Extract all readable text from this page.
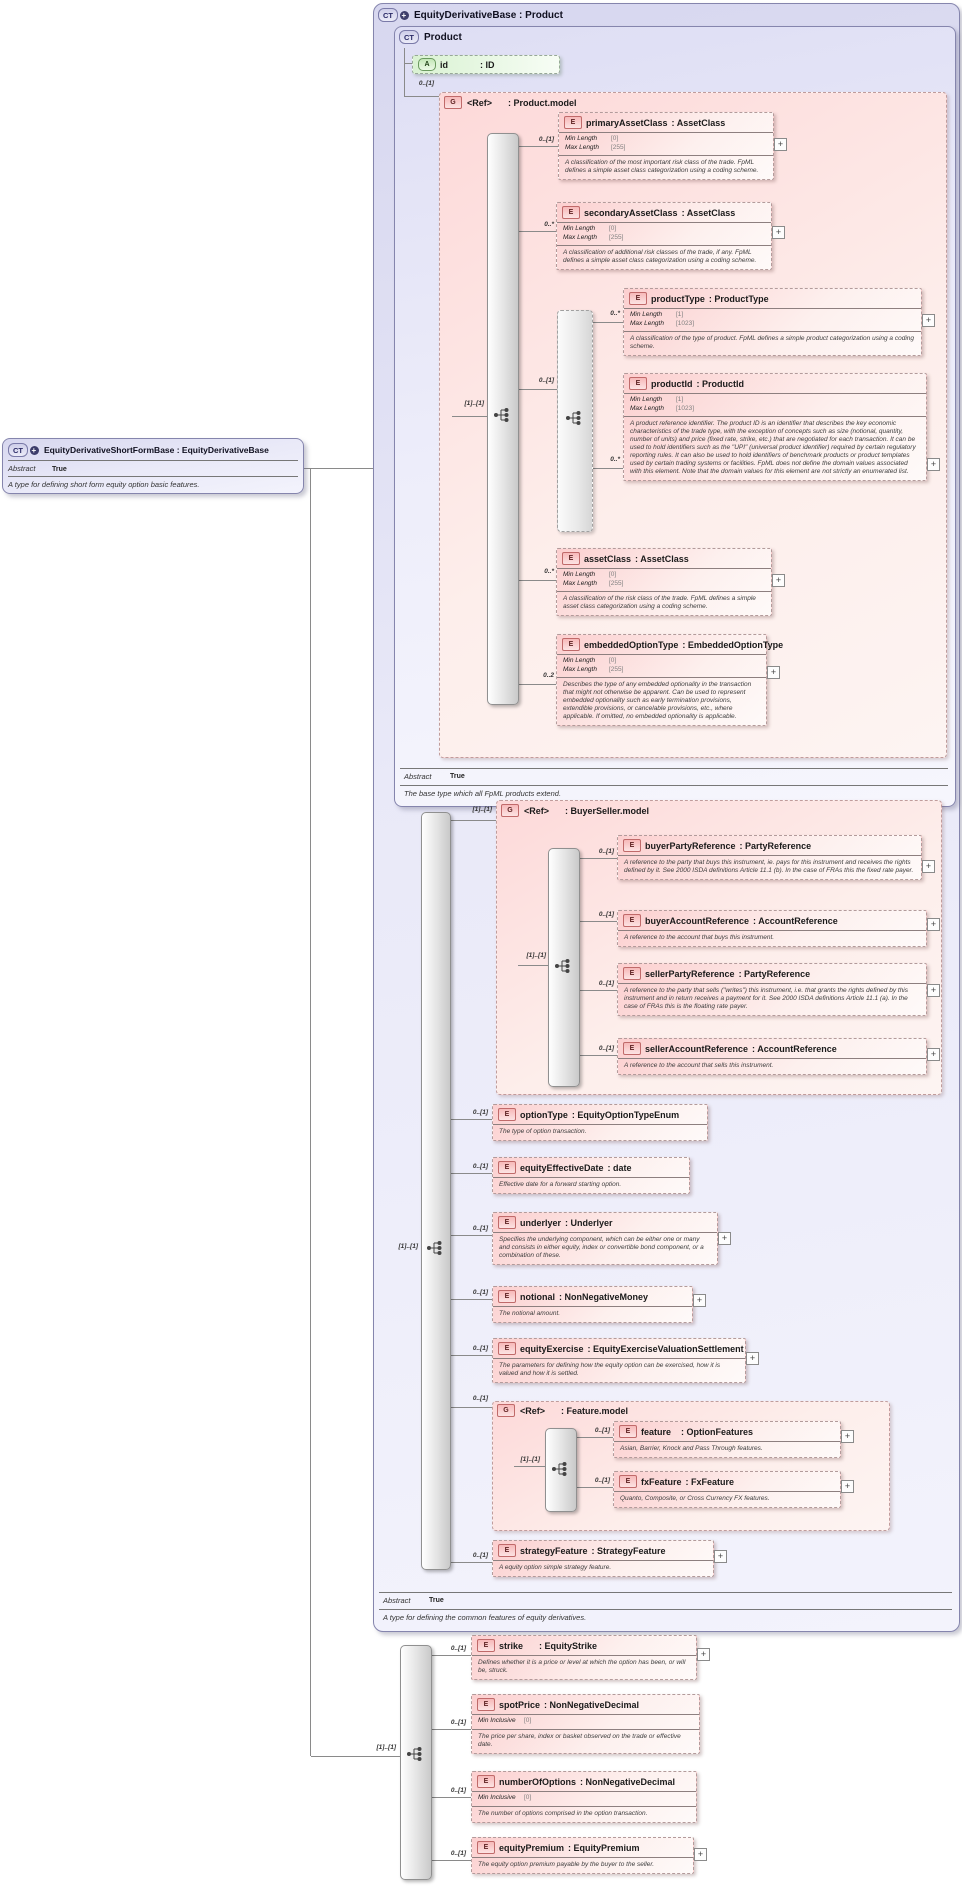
−
CT +	EquityDerivativeBase : Product
CT	Product
G	<Ref>	: Product.model
G	<Ref>	: BuyerSeller.model
G	<Ref>	: Feature.model
A	id	: ID
0..[1]
[1]..[1]
0..[1]
0..*
0..[1]
0..*
0..*
0..*
0..2
[1]..[1]
[1]..[1]
0..[1]
0..[1]
0..[1]
0..[1]
[1]..[1]
0..[1]
0..[1]
0..[1]
0..[1]
0..[1]
0..[1]
[1]..[1]
0..[1]
0..[1]
0..[1]
[1]..[1]
0..[1]
0..[1]
0..[1]
0..[1]
E	primaryAssetClass : AssetClass
Min Length [0]
Max Length [255]
A classification of the most important risk class of the trade. FpML defines a simple asset class categorization using a coding scheme.
E	secondaryAssetClass : AssetClass
Min Length [0]
Max Length [255]
A classification of additional risk classes of the trade, if any. FpML defines a simple asset class categorization using a coding scheme.
E	productType : ProductType
Min Length [1]
Max Length [1023]
A classification of the type of product. FpML defines a simple product categorization using a coding scheme.
E	productId : ProductId
Min Length [1]
Max Length [1023]
A product reference identifier. The product ID is an identifier that describes the key economic characteristics of the trade type, with the exception of concepts such as size (notional, quantity, number of units) and price (fixed rate, strike, etc.) that are negotiated for each transaction. It can be used to hold identifiers such as the "UPI" (universal product identifier) required by certain regulatory reporting rules. It can also be used to hold identifiers of benchmark products or product templates used by certain trading systems or facilities. FpML does not define the domain values associated with this element. Note that the domain values for this element are not strictly an enumerated list.
E	assetClass : AssetClass
Min Length [0]
Max Length [255]
A classification of the risk class of the trade. FpML defines a simple asset class categorization using a coding scheme.
E	embeddedOptionType : EmbeddedOptionType
Min Length [0]
Max Length [255]
Describes the type of any embedded optionality in the transaction that might not otherwise be apparent. Can be used to represent embedded optionality such as early termination provisions, extendible provisions, or cancelable provisions, etc., where applicable. If omitted, no embedded optionality is applicable.
E	buyerPartyReference : PartyReference
A reference to the party that buys this instrument, ie. pays for this instrument and receives the rights defined by it. See 2000 ISDA definitions Article 11.1 (b). In the case of FRAs this the fixed rate payer.
E	buyerAccountReference : AccountReference
A reference to the account that buys this instrument.
E	sellerPartyReference : PartyReference
A reference to the party that sells ("writes") this instrument, i.e. that grants the rights defined by this instrument and in return receives a payment for it. See 2000 ISDA definitions Article 11.1 (a). In the case of FRAs this is the floating rate payer.
E	sellerAccountReference : AccountReference
A reference to the account that sells this instrument.
E	optionType : EquityOptionTypeEnum
The type of option transaction.
E	equityEffectiveDate : date
Effective date for a forward starting option.
E	underlyer : Underlyer
Specifies the underlying component, which can be either one or many and consists in either equity, index or convertible bond component, or a combination of these.
E	notional : NonNegativeMoney
The notional amount.
E	equityExercise : EquityExerciseValuationSettlement
The parameters for defining how the equity option can be exercised, how it is valued and how it is settled.
E	feature	: OptionFeatures
Asian, Barrier, Knock and Pass Through features.
E	fxFeature : FxFeature
Quanto, Composite, or Cross Currency FX features.
E	strategyFeature : StrategyFeature
A equity option simple strategy feature.
E	strike	: EquityStrike
Defines whether it is a price or level at which the option has been, or will be, struck.
E	spotPrice : NonNegativeDecimal
Min Inclusive [0]
The price per share, index or basket observed on the trade or effective date.
E	numberOfOptions : NonNegativeDecimal
Min Inclusive [0]
The number of options comprised in the option transaction.
E	equityPremium : EquityPremium
The equity option premium payable by the buyer to the seller.
+
+
+
+
+
+
+
+
+
+
+
+
+
+
+
+
+
+
Abstract	True
The base type which all FpML products extend.
Abstract	True
A type for defining the common features of equity derivatives.
CT +	EquityDerivativeShortFormBase : EquityDerivativeBase
Abstract True
A type for defining short form equity option basic features.
